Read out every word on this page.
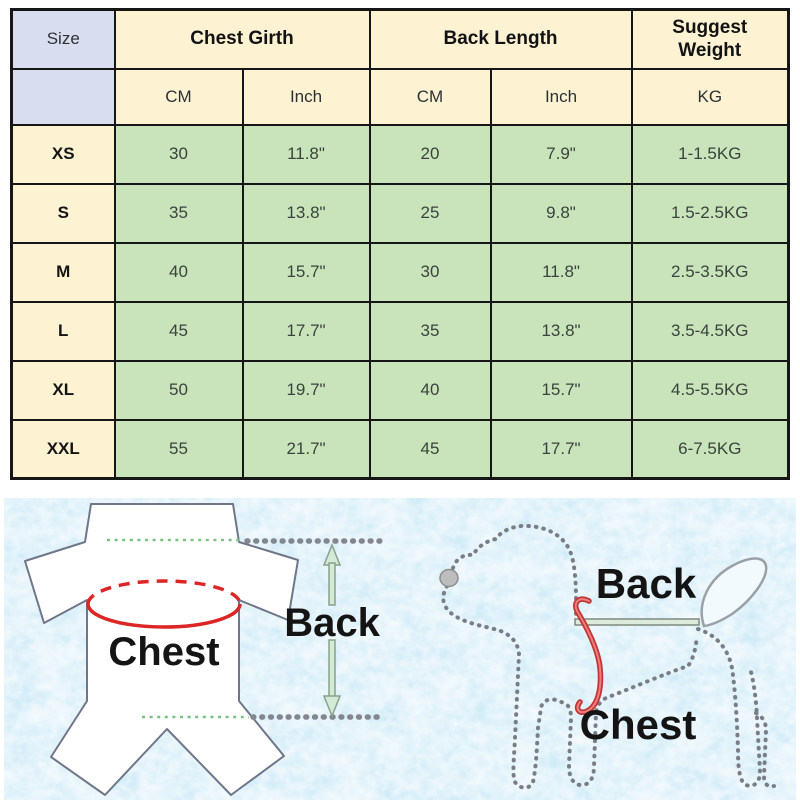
Size	Chest Girth		Back Length		Suggest Weight

	CM	Inch	CM	Inch	KG
XS	30	11.8"	20	7.9"	1-1.5KG
S	35	13.8"	25	9.8"	1.5-2.5KG
M	40	15.7"	30	11.8"	2.5-3.5KG
L	45	17.7"	35	13.8"	3.5-4.5KG
XL	50	19.7"	40	15.7"	4.5-5.5KG
XXL	55	21.7"	45	17.7"	6-7.5KG
Chest
Back
Back
Chest
